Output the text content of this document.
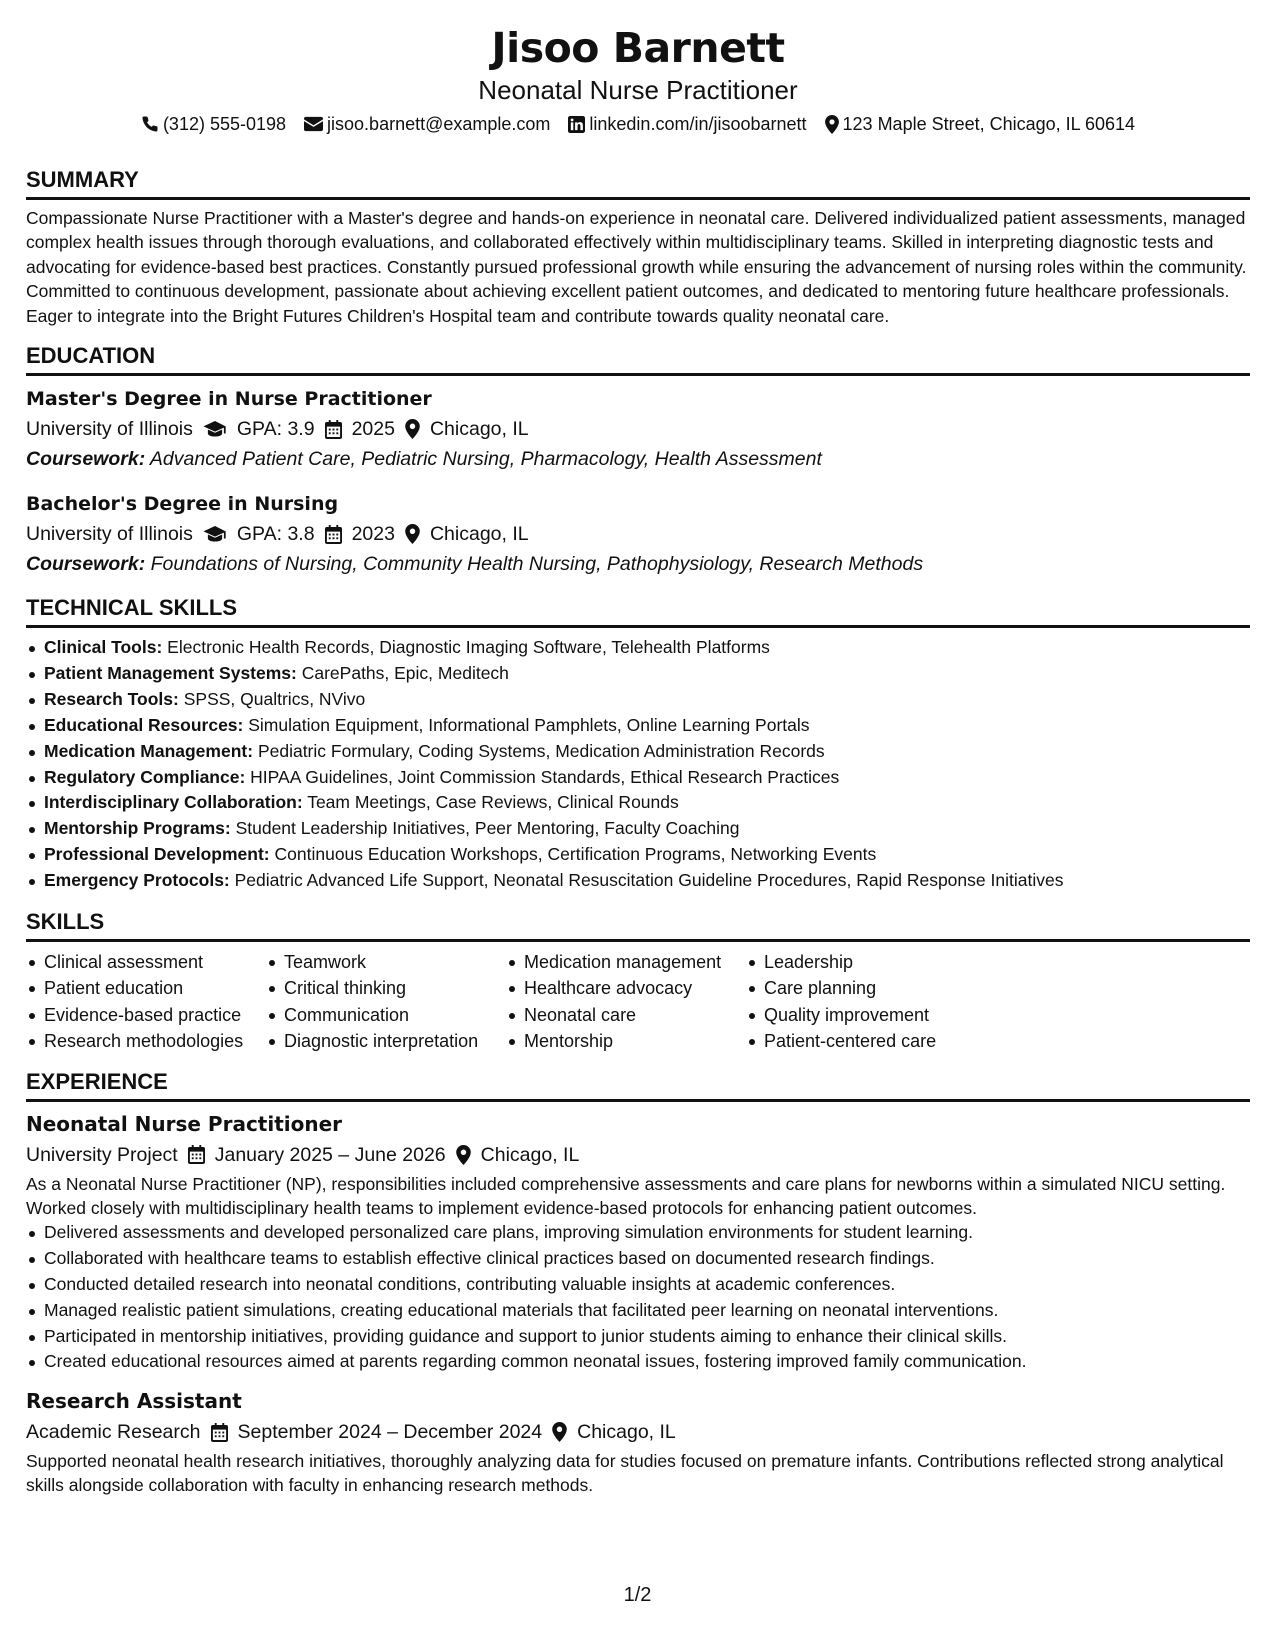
Jisoo Barnett
Neonatal Nurse Practitioner
(312) 555-0198 jisoo.barnett@example.com linkedin.com/in/jisoobarnett 123 Maple Street, Chicago, IL 60614
SUMMARY

Compassionate Nurse Practitioner with a Master's degree and hands-on experience in neonatal care. Delivered individualized patient assessments, managed complex health issues through thorough evaluations, and collaborated effectively within multidisciplinary teams. Skilled in interpreting diagnostic tests and advocating for evidence-based best practices. Constantly pursued professional growth while ensuring the advancement of nursing roles within the community. Committed to continuous development, passionate about achieving excellent patient outcomes, and dedicated to mentoring future healthcare professionals. Eager to integrate into the Bright Futures Children's Hospital team and contribute towards quality neonatal care.

EDUCATION
Master's Degree in Nurse Practitioner
University of Illinois GPA: 3.9 2025 Chicago, IL
Coursework: Advanced Patient Care, Pediatric Nursing, Pharmacology, Health Assessment
Bachelor's Degree in Nursing
University of Illinois GPA: 3.8 2023 Chicago, IL
Coursework: Foundations of Nursing, Community Health Nursing, Pathophysiology, Research Methods
TECHNICAL SKILLS
Clinical Tools: Electronic Health Records, Diagnostic Imaging Software, Telehealth Platforms
Patient Management Systems: CarePaths, Epic, Meditech
Research Tools: SPSS, Qualtrics, NVivo
Educational Resources: Simulation Equipment, Informational Pamphlets, Online Learning Portals
Medication Management: Pediatric Formulary, Coding Systems, Medication Administration Records
Regulatory Compliance: HIPAA Guidelines, Joint Commission Standards, Ethical Research Practices
Interdisciplinary Collaboration: Team Meetings, Case Reviews, Clinical Rounds
Mentorship Programs: Student Leadership Initiatives, Peer Mentoring, Faculty Coaching
Professional Development: Continuous Education Workshops, Certification Programs, Networking Events
Emergency Protocols: Pediatric Advanced Life Support, Neonatal Resuscitation Guideline Procedures, Rapid Response Initiatives
SKILLS
Clinical assessment
Patient education
Evidence-based practice
Research methodologies
Teamwork
Critical thinking
Communication
Diagnostic interpretation
Medication management
Healthcare advocacy
Neonatal care
Mentorship
Leadership
Care planning
Quality improvement
Patient-centered care
EXPERIENCE
Neonatal Nurse Practitioner
University Project January 2025 – June 2026 Chicago, IL

As a Neonatal Nurse Practitioner (NP), responsibilities included comprehensive assessments and care plans for newborns within a simulated NICU setting. Worked closely with multidisciplinary health teams to implement evidence-based protocols for enhancing patient outcomes.

Delivered assessments and developed personalized care plans, improving simulation environments for student learning.
Collaborated with healthcare teams to establish effective clinical practices based on documented research findings.
Conducted detailed research into neonatal conditions, contributing valuable insights at academic conferences.
Managed realistic patient simulations, creating educational materials that facilitated peer learning on neonatal interventions.
Participated in mentorship initiatives, providing guidance and support to junior students aiming to enhance their clinical skills.
Created educational resources aimed at parents regarding common neonatal issues, fostering improved family communication.
Research Assistant
Academic Research September 2024 – December 2024 Chicago, IL

Supported neonatal health research initiatives, thoroughly analyzing data for studies focused on premature infants. Contributions reflected strong analytical skills alongside collaboration with faculty in enhancing research methods.

1/2
